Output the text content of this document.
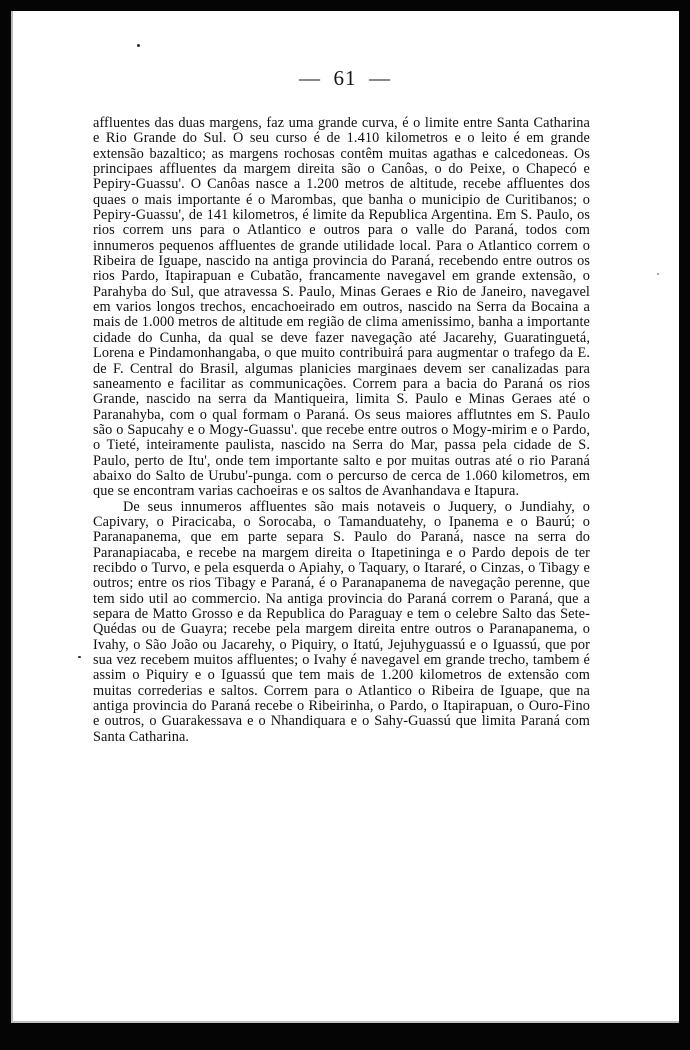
—  61  —

affluentes das duas margens, faz uma grande curva, é o limite entre Santa Catharina e Rio Grande do Sul. O seu curso é de 1.410 kilometros e o leito é em grande extensão bazaltico; as margens rochosas contêm muitas agathas e calcedoneas. Os principaes affluentes da margem direita são o Canôas, o do Peixe, o Chapecó e Pepiry-Guassu'. O Canôas nasce a 1.200 metros de altitude, recebe affluentes dos quaes o mais importante é o Marombas, que banha o municipio de Curitibanos; o Pepiry-Guassu', de 141 kilometros, é limite da Republica Argentina. Em S. Paulo, os rios correm uns para o Atlantico e outros para o valle do Paraná, todos com innumeros pequenos affluentes de grande utilidade local. Para o Atlantico correm o Ribeira de Iguape, nascido na antiga provincia do Paraná, recebendo entre outros os rios Pardo, Itapirapuan e Cubatão, francamente navegavel em grande extensão, o Parahyba do Sul, que atravessa S. Paulo, Minas Geraes e Rio de Janeiro, navegavel em varios longos trechos, encachoeirado em outros, nascido na Serra da Bocaina a mais de 1.000 metros de altitude em região de clima amenissimo, banha a importante cidade do Cunha, da qual se deve fazer navegação até Jacarehy, Guaratinguetá, Lorena e Pindamonhangaba, o que muito contribuirá para augmentar o trafego da E. de F. Central do Brasil, algumas planicies marginaes devem ser canalizadas para saneamento e facilitar as communicações. Correm para a bacia do Paraná os rios Grande, nascido na serra da Mantiqueira, limita S. Paulo e Minas Geraes até o Paranahyba, com o qual formam o Paraná. Os seus maiores afflutntes em S. Paulo são o Sapucahy e o Mogy-Guassu'. que recebe entre outros o Mogy-mirim e o Pardo, o Tieté, inteiramente paulista, nascido na Serra do Mar, passa pela cidade de S. Paulo, perto de Itu', onde tem importante salto e por muitas outras até o rio Paraná abaixo do Salto de Urubu'-punga. com o percurso de cerca de 1.060 kilometros, em que se encontram varias cachoeiras e os saltos de Avanhandava e Itapura.

De seus innumeros affluentes são mais notaveis o Juquery, o Jundiahy, o Capivary, o Piracicaba, o Sorocaba, o Tamanduatehy, o Ipanema e o Baurú; o Paranapanema, que em parte separa S. Paulo do Paraná, nasce na serra do Paranapiacaba, e recebe na margem direita o Itapetininga e o Pardo depois de ter recibdo o Turvo, e pela esquerda o Apiahy, o Taquary, o Itararé, o Cinzas, o Tibagy e outros; entre os rios Tibagy e Paraná, é o Paranapanema de navegação perenne, que tem sido util ao commercio. Na antiga provincia do Paraná correm o Paraná, que a separa de Matto Grosso e da Republica do Paraguay e tem o celebre Salto das Sete-Quédas ou de Guayra; recebe pela margem direita entre outros o Paranapanema, o Ivahy, o São João ou Jacarehy, o Piquiry, o Itatú, Jejuhyguassú e o Iguassú, que por sua vez recebem muitos affluentes; o Ivahy é navegavel em grande trecho, tambem é assim o Piquiry e o Iguassú que tem mais de 1.200 kilometros de extensão com muitas correderias e saltos. Correm para o Atlantico o Ribeira de Iguape, que na antiga provincia do Paraná recebe o Ribeirinha, o Pardo, o Itapirapuan, o Ouro-Fino e outros, o Guarakessava e o Nhandiquara e o Sahy-Guassú que limita Paraná com Santa Catharina.
